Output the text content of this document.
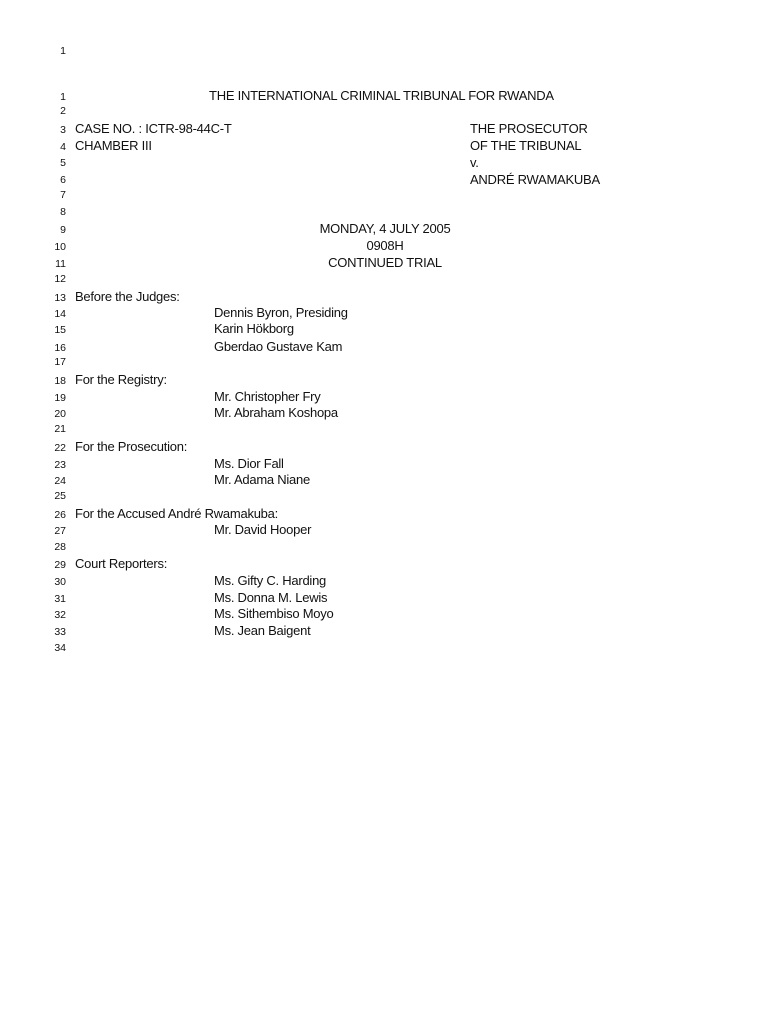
1
1
2
3
4
5
6
7
8
9
10
11
12
13
14
15
16
17
18
19
20
21
22
23
24
25
26
27
28
29
30
31
32
33
34
THE INTERNATIONAL CRIMINAL TRIBUNAL FOR RWANDA
CASE NO. : ICTR-98-44C-T
CHAMBER III
THE PROSECUTOR
OF THE TRIBUNAL
v.
ANDRÉ RWAMAKUBA
MONDAY, 4 JULY 2005
0908H
CONTINUED TRIAL
Before the Judges:
Dennis Byron, Presiding
Karin Hökborg
Gberdao Gustave Kam
For the Registry:
Mr. Christopher Fry
Mr. Abraham Koshopa
For the Prosecution:
Ms. Dior Fall
Mr. Adama Niane
For the Accused André Rwamakuba:
Mr. David Hooper
Court Reporters:
Ms. Gifty C. Harding
Ms. Donna M. Lewis
Ms. Sithembiso Moyo
Ms. Jean Baigent
